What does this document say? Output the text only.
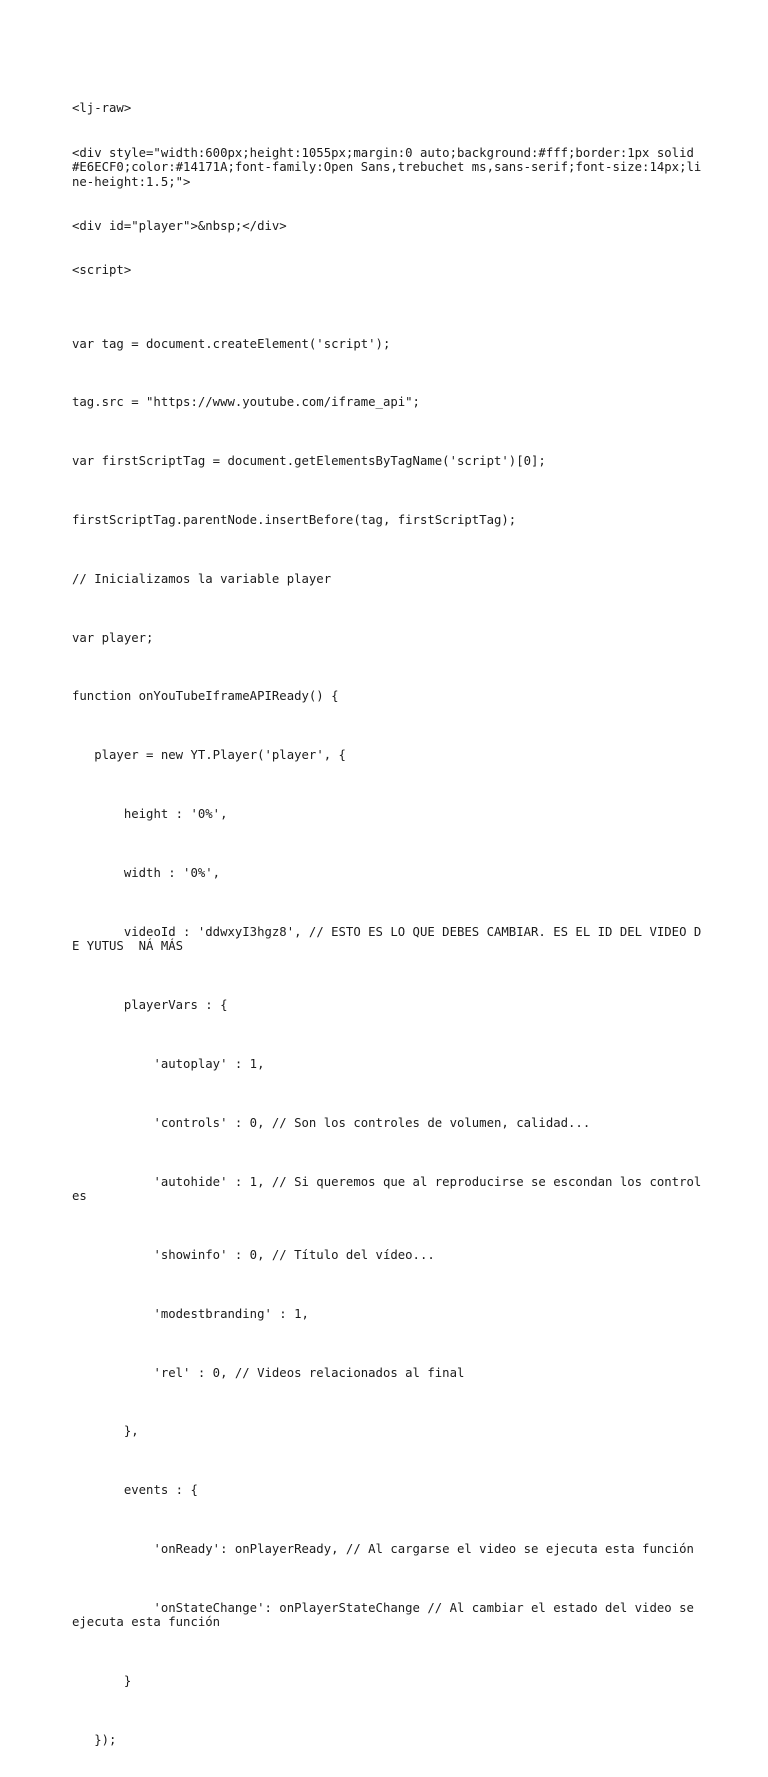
<lj-raw>

<div style="width:600px;height:1055px;margin:0 auto;background:#fff;border:1px solid #E6ECF0;color:#14171A;font-family:Open Sans,trebuchet ms,sans-serif;font-size:14px;line-height:1.5;">

<div id="player">&nbsp;</div>

<script>

var tag = document.createElement('script');

tag.src = "https://www.youtube.com/iframe_api";

var firstScriptTag = document.getElementsByTagName('script')[0];

firstScriptTag.parentNode.insertBefore(tag, firstScriptTag);

// Inicializamos la variable player

var player;

function onYouTubeIframeAPIReady() {

player = new YT.Player('player', {

height : '0%',

width : '0%',

videoId : 'ddwxyI3hgz8', // ESTO ES LO QUE DEBES CAMBIAR. ES EL ID DEL VIDEO DE YUTUS  NÁ MÁS

playerVars : {

'autoplay' : 1,

'controls' : 0, // Son los controles de volumen, calidad...

'autohide' : 1, // Si queremos que al reproducirse se escondan los controles

'showinfo' : 0, // Título del vídeo...

'modestbranding' : 1,

'rel' : 0, // Videos relacionados al final

},

events : {

'onReady': onPlayerReady, // Al cargarse el video se ejecuta esta función

'onStateChange': onPlayerStateChange // Al cambiar el estado del video se ejecuta esta función

}

});
